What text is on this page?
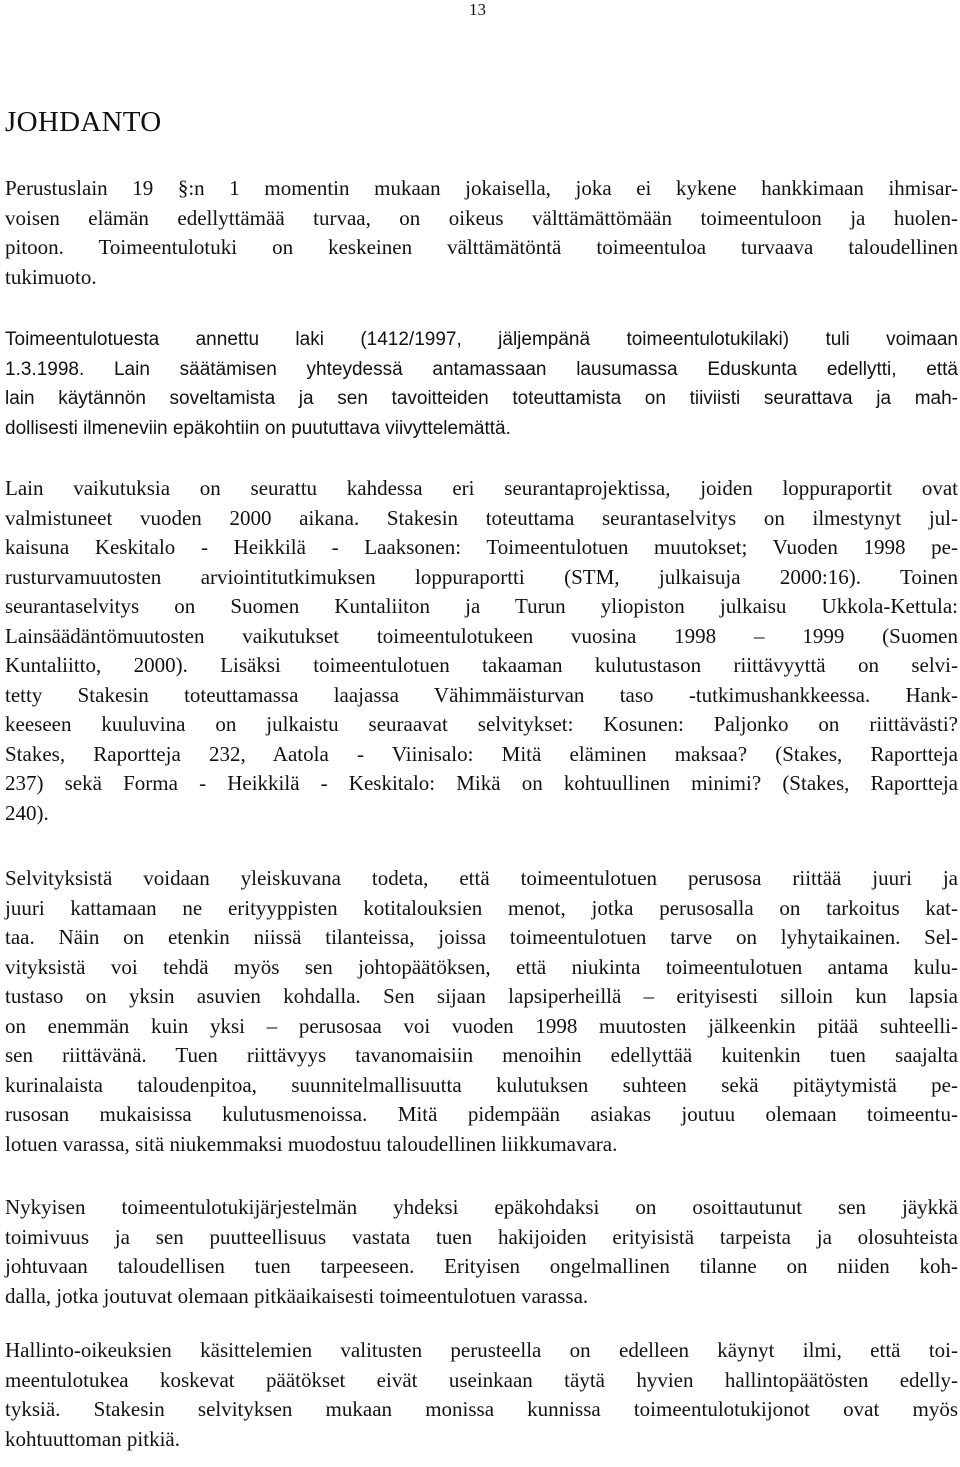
13
JOHDANTO
Perustuslain 19 §:n 1 momentin mukaan jokaisella, joka ei kykene hankkimaan ihmisar-
voisen elämän edellyttämää turvaa, on oikeus välttämättömään toimeentuloon ja huolen-
pitoon. Toimeentulotuki on keskeinen välttämätöntä toimeentuloa turvaava taloudellinen
tukimuoto.
Toimeentulotuesta annettu laki (1412/1997, jäljempänä toimeentulotukilaki) tuli voimaan
1.3.1998. Lain säätämisen yhteydessä antamassaan lausumassa Eduskunta edellytti, että
lain käytännön soveltamista ja sen tavoitteiden toteuttamista on tiiviisti seurattava ja mah-
dollisesti ilmeneviin epäkohtiin on puututtava viivyttelemättä.
Lain vaikutuksia on seurattu kahdessa eri seurantaprojektissa, joiden loppuraportit ovat
valmistuneet vuoden 2000 aikana. Stakesin toteuttama seurantaselvitys on ilmestynyt jul-
kaisuna Keskitalo - Heikkilä - Laaksonen: Toimeentulotuen muutokset; Vuoden 1998 pe-
rusturvamuutosten arviointitutkimuksen loppuraportti (STM, julkaisuja 2000:16). Toinen
seurantaselvitys on Suomen Kuntaliiton ja Turun yliopiston julkaisu Ukkola-Kettula:
Lainsäädäntömuutosten vaikutukset toimeentulotukeen vuosina 1998 – 1999 (Suomen
Kuntaliitto, 2000). Lisäksi toimeentulotuen takaaman kulutustason riittävyyttä on selvi-
tetty Stakesin toteuttamassa laajassa Vähimmäisturvan taso -tutkimushankkeessa. Hank-
keeseen kuuluvina on julkaistu seuraavat selvitykset: Kosunen: Paljonko on riittävästi?
Stakes, Raportteja 232, Aatola - Viinisalo: Mitä eläminen maksaa? (Stakes, Raportteja
237) sekä Forma - Heikkilä - Keskitalo: Mikä on kohtuullinen minimi? (Stakes, Raportteja
240).
Selvityksistä voidaan yleiskuvana todeta, että toimeentulotuen perusosa riittää juuri ja
juuri kattamaan ne erityyppisten kotitalouksien menot, jotka perusosalla on tarkoitus kat-
taa. Näin on etenkin niissä tilanteissa, joissa toimeentulotuen tarve on lyhytaikainen. Sel-
vityksistä voi tehdä myös sen johtopäätöksen, että niukinta toimeentulotuen antama kulu-
tustaso on yksin asuvien kohdalla. Sen sijaan lapsiperheillä – erityisesti silloin kun lapsia
on enemmän kuin yksi – perusosaa voi vuoden 1998 muutosten jälkeenkin pitää suhteelli-
sen riittävänä. Tuen riittävyys tavanomaisiin menoihin edellyttää kuitenkin tuen saajalta
kurinalaista taloudenpitoa, suunnitelmallisuutta kulutuksen suhteen sekä pitäytymistä pe-
rusosan mukaisissa kulutusmenoissa. Mitä pidempään asiakas joutuu olemaan toimeentu-
lotuen varassa, sitä niukemmaksi muodostuu taloudellinen liikkumavara.
Nykyisen toimeentulotukijärjestelmän yhdeksi epäkohdaksi on osoittautunut sen jäykkä
toimivuus ja sen puutteellisuus vastata tuen hakijoiden erityisistä tarpeista ja olosuhteista
johtuvaan taloudellisen tuen tarpeeseen. Erityisen ongelmallinen tilanne on niiden koh-
dalla, jotka joutuvat olemaan pitkäaikaisesti toimeentulotuen varassa.
Hallinto-oikeuksien käsittelemien valitusten perusteella on edelleen käynyt ilmi, että toi-
meentulotukea koskevat päätökset eivät useinkaan täytä hyvien hallintopäätösten edelly-
tyksiä. Stakesin selvityksen mukaan monissa kunnissa toimeentulotukijonot ovat myös
kohtuuttoman pitkiä.
